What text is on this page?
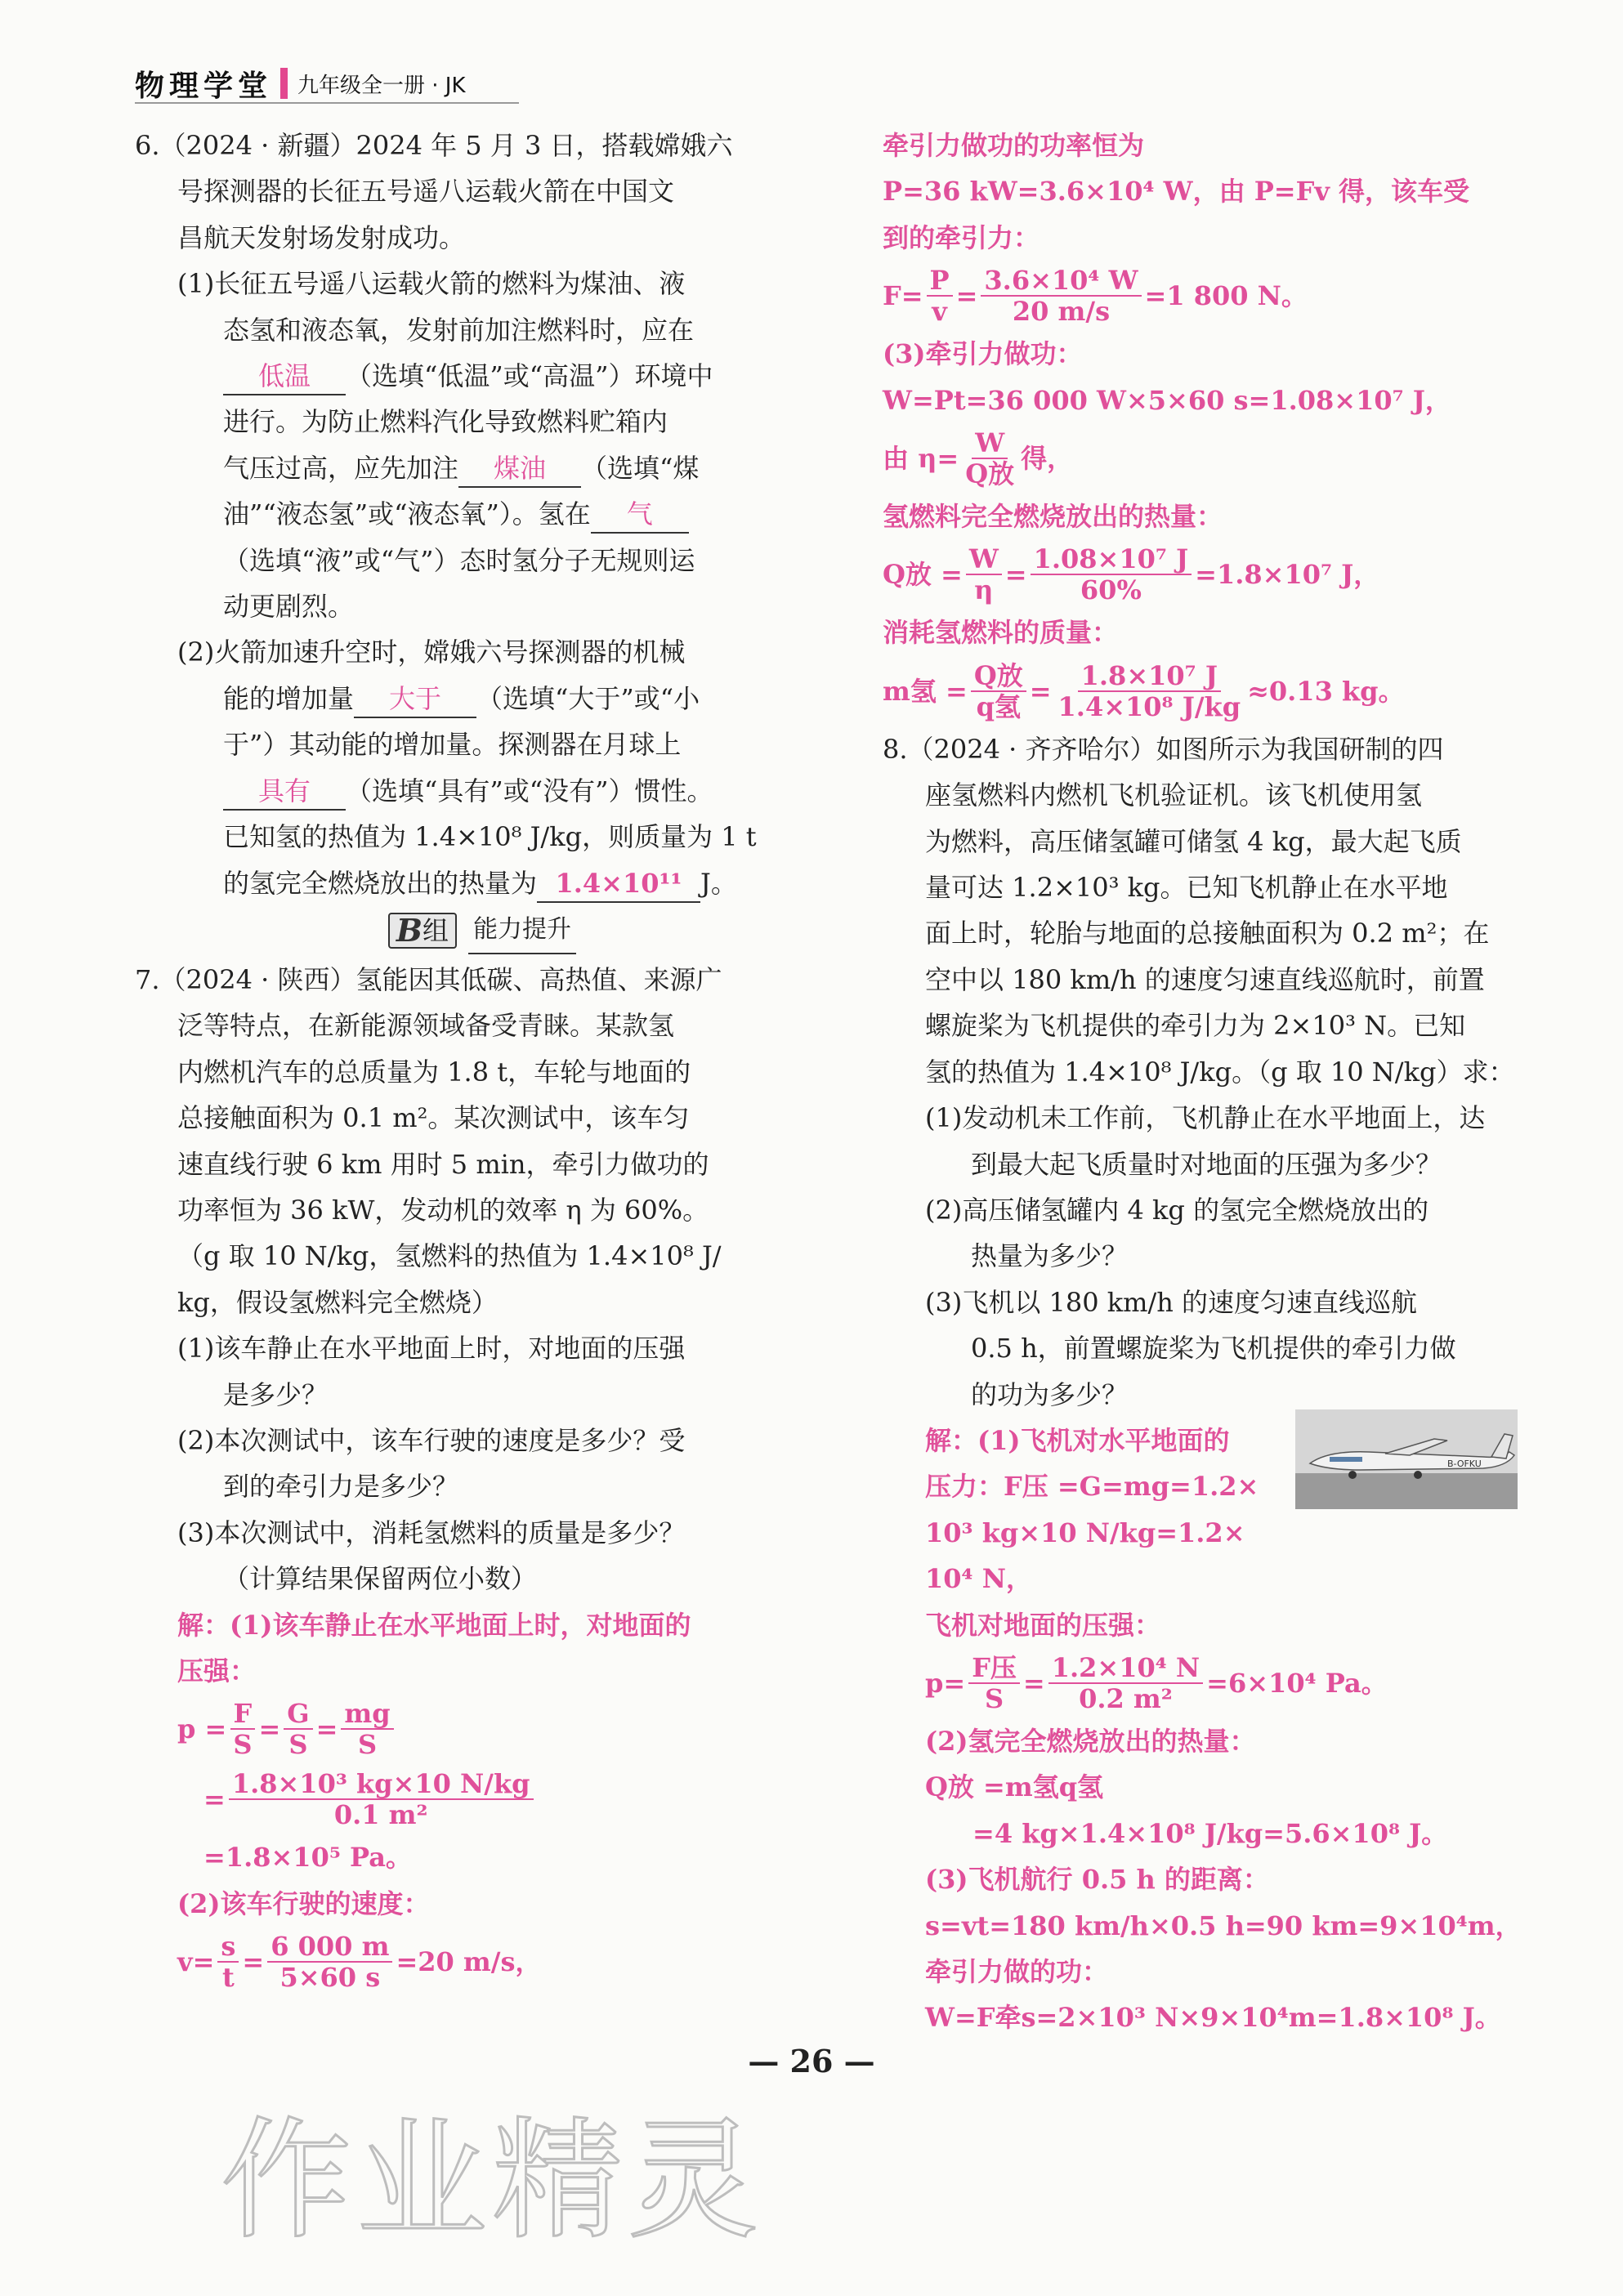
物理学堂 九年级全一册 · JK

6.（2024 · 新疆）2024 年 5 月 3 日，搭载嫦娥六

号探测器的长征五号遥八运载火箭在中国文

昌航天发射场发射成功。

(1)长征五号遥八运载火箭的燃料为煤油、液

态氢和液态氧，发射前加注燃料时，应在

低温 （选填“低温”或“高温”）环境中

进行。为防止燃料汽化导致燃料贮箱内

气压过高，应先加注 煤油 （选填“煤

油”“液态氢”或“液态氧”）。氢在 气

（选填“液”或“气”）态时氢分子无规则运

动更剧烈。

(2)火箭加速升空时，嫦娥六号探测器的机械

能的增加量 大于 （选填“大于”或“小

于”）其动能的增加量。探测器在月球上

具有 （选填“具有”或“没有”）惯性。

已知氢的热值为 1.4×10⁸ J/kg，则质量为 1 t

的氢完全燃烧放出的热量为 1.4×10¹¹ J。

B 组 能力提升

7.（2024 · 陕西）氢能因其低碳、高热值、来源广

泛等特点，在新能源领域备受青睐。某款氢

内燃机汽车的总质量为 1.8 t，车轮与地面的

总接触面积为 0.1 m²。某次测试中，该车匀

速直线行驶 6 km 用时 5 min，牵引力做功的

功率恒为 36 kW，发动机的效率 η 为 60%。

（g 取 10 N/kg，氢燃料的热值为 1.4×10⁸ J/

kg，假设氢燃料完全燃烧）

(1)该车静止在水平地面上时，对地面的压强

是多少？

(2)本次测试中，该车行驶的速度是多少？受

到的牵引力是多少？

(3)本次测试中，消耗氢燃料的质量是多少？

（计算结果保留两位小数）

解：(1)该车静止在水平地面上时，对地面的

压强：

$p = \frac{F}{S} = \frac{G}{S} = \frac{mg}{S}$
= $\frac{\text{1.8×10³ kg×10 N/kg}}{\text{0.1 m²}}$

=1.8×10⁵ Pa。

(2)该车行驶的速度：

$v= \frac{s}{t} = \frac{6 000 m}{5\times 60 s} =20$ m/s，

牵引力做功的功率恒为

P=36 kW=3.6×10⁴ W，由 P=Fv 得，该车受

到的牵引力：

$F= \frac{P}{v} = \frac{\text{3.6×10⁴ W}}{20 m/s} =1$ 800 N。

(3)牵引力做功：

W=Pt=36 000 W×5×60 s=1.08×10⁷ J，

由 $\eta= \frac{W}{\text{Q放}}$ 得，

氢燃料完全燃烧放出的热量：

Q放 = $\frac{W}{\eta} = \frac{\text{1.08×10⁷ J}}{60\%} =1.8\times 10^7$ J，

消耗氢燃料的质量：

m氢 = $\frac{\text{Q放}}{\text{q氢}} = \frac{\text{1.8×10⁷ J}}{\text{1.4×10⁸ J/kg}} \approx 0.13$ kg。

8.（2024 · 齐齐哈尔）如图所示为我国研制的四

座氢燃料内燃机飞机验证机。该飞机使用氢

为燃料，高压储氢罐可储氢 4 kg，最大起飞质

量可达 1.2×10³ kg。已知飞机静止在水平地

面上时，轮胎与地面的总接触面积为 0.2 m²；在

空中以 180 km/h 的速度匀速直线巡航时，前置

螺旋桨为飞机提供的牵引力为 2×10³ N。已知

氢的热值为 1.4×10⁸ J/kg。（g 取 10 N/kg）求：

(1)发动机未工作前，飞机静止在水平地面上，达

到最大起飞质量时对地面的压强为多少？

(2)高压储氢罐内 4 kg 的氢完全燃烧放出的

热量为多少？

(3)飞机以 180 km/h 的速度匀速直线巡航

0.5 h，前置螺旋桨为飞机提供的牵引力做

的功为多少？

解：(1)飞机对水平地面的

压力：F压 =G=mg=1.2×

10³ kg×10 N/kg=1.2×

10⁴ N，

飞机对地面的压强：

$p= \frac{\text{F压}}{S} = \frac{\text{1.2×10⁴ N}}{\text{0.2 m²}} =6\times 10^4$ Pa。

(2)氢完全燃烧放出的热量：

Q放 =m氢q氢

=4 kg×1.4×10⁸ J/kg=5.6×10⁸ J。

(3)飞机航行 0.5 h 的距离：

s=vt=180 km/h×0.5 h=90 km=9×10⁴m，

牵引力做的功：

W=F牵s=2×10³ N×9×10⁴m=1.8×10⁸ J。

B-OFKU
— 26 —
作业精灵
